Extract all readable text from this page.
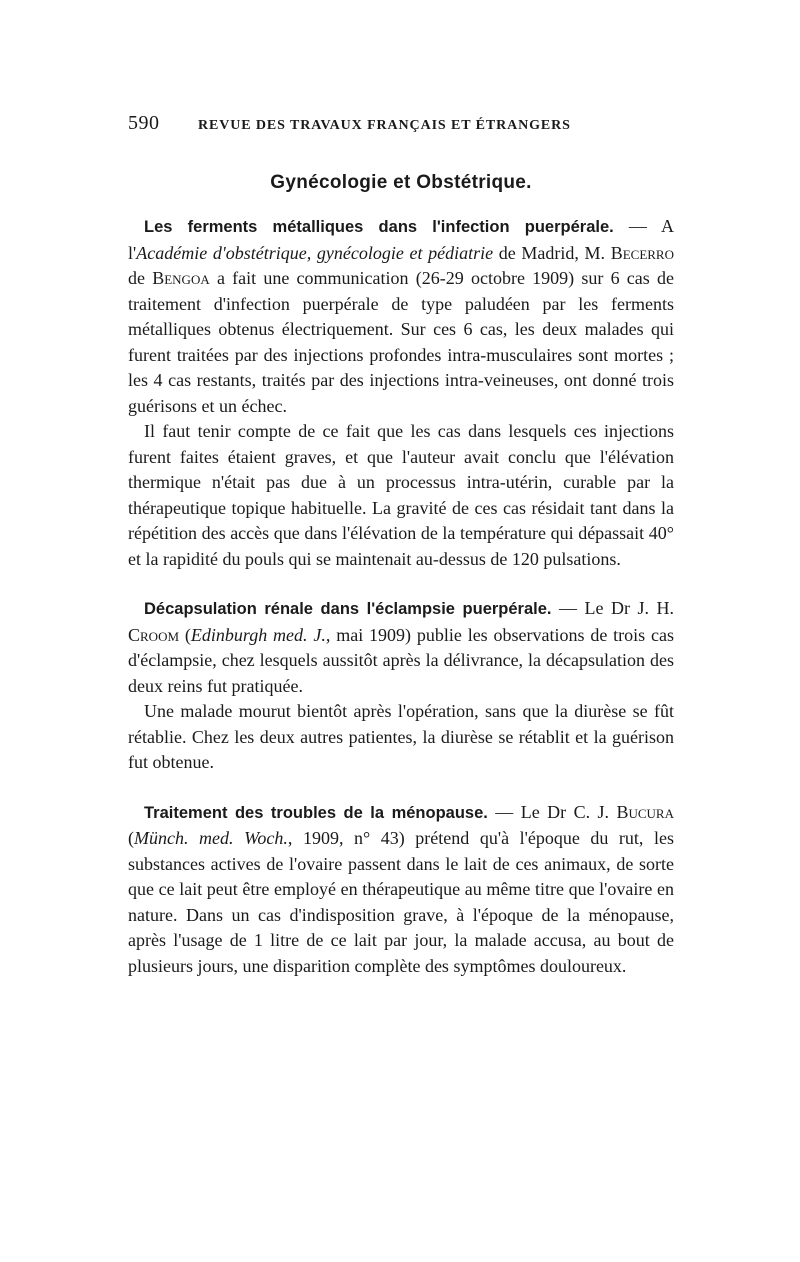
590	REVUE DES TRAVAUX FRANÇAIS ET ÉTRANGERS
Gynécologie et Obstétrique.

Les ferments métalliques dans l'infection puerpérale. — A l'Académie d'obstétrique, gynécologie et pédiatrie de Madrid, M. Becerro de Bengoa a fait une communication (26-29 octobre 1909) sur 6 cas de traitement d'infection puerpérale de type paludéen par les ferments métalliques obtenus électriquement. Sur ces 6 cas, les deux malades qui furent traitées par des injections profondes intra-musculaires sont mortes ; les 4 cas restants, traités par des injections intra-veineuses, ont donné trois guérisons et un échec.

Il faut tenir compte de ce fait que les cas dans lesquels ces injections furent faites étaient graves, et que l'auteur avait conclu que l'élévation thermique n'était pas due à un processus intra-utérin, curable par la thérapeutique topique habituelle. La gravité de ces cas résidait tant dans la répétition des accès que dans l'élévation de la température qui dépassait 40° et la rapidité du pouls qui se maintenait au-dessus de 120 pulsations.

Décapsulation rénale dans l'éclampsie puerpérale. — Le Dr J. H. Croom (Edinburgh med. J., mai 1909) publie les observations de trois cas d'éclampsie, chez lesquels aussitôt après la délivrance, la décapsulation des deux reins fut pratiquée.

Une malade mourut bientôt après l'opération, sans que la diurèse se fût rétablie. Chez les deux autres patientes, la diurèse se rétablit et la guérison fut obtenue.

Traitement des troubles de la ménopause. — Le Dr C. J. Bucura (Münch. med. Woch., 1909, n° 43) prétend qu'à l'époque du rut, les substances actives de l'ovaire passent dans le lait de ces animaux, de sorte que ce lait peut être employé en thérapeutique au même titre que l'ovaire en nature. Dans un cas d'indisposition grave, à l'époque de la ménopause, après l'usage de 1 litre de ce lait par jour, la malade accusa, au bout de plusieurs jours, une disparition complète des symptômes douloureux.
